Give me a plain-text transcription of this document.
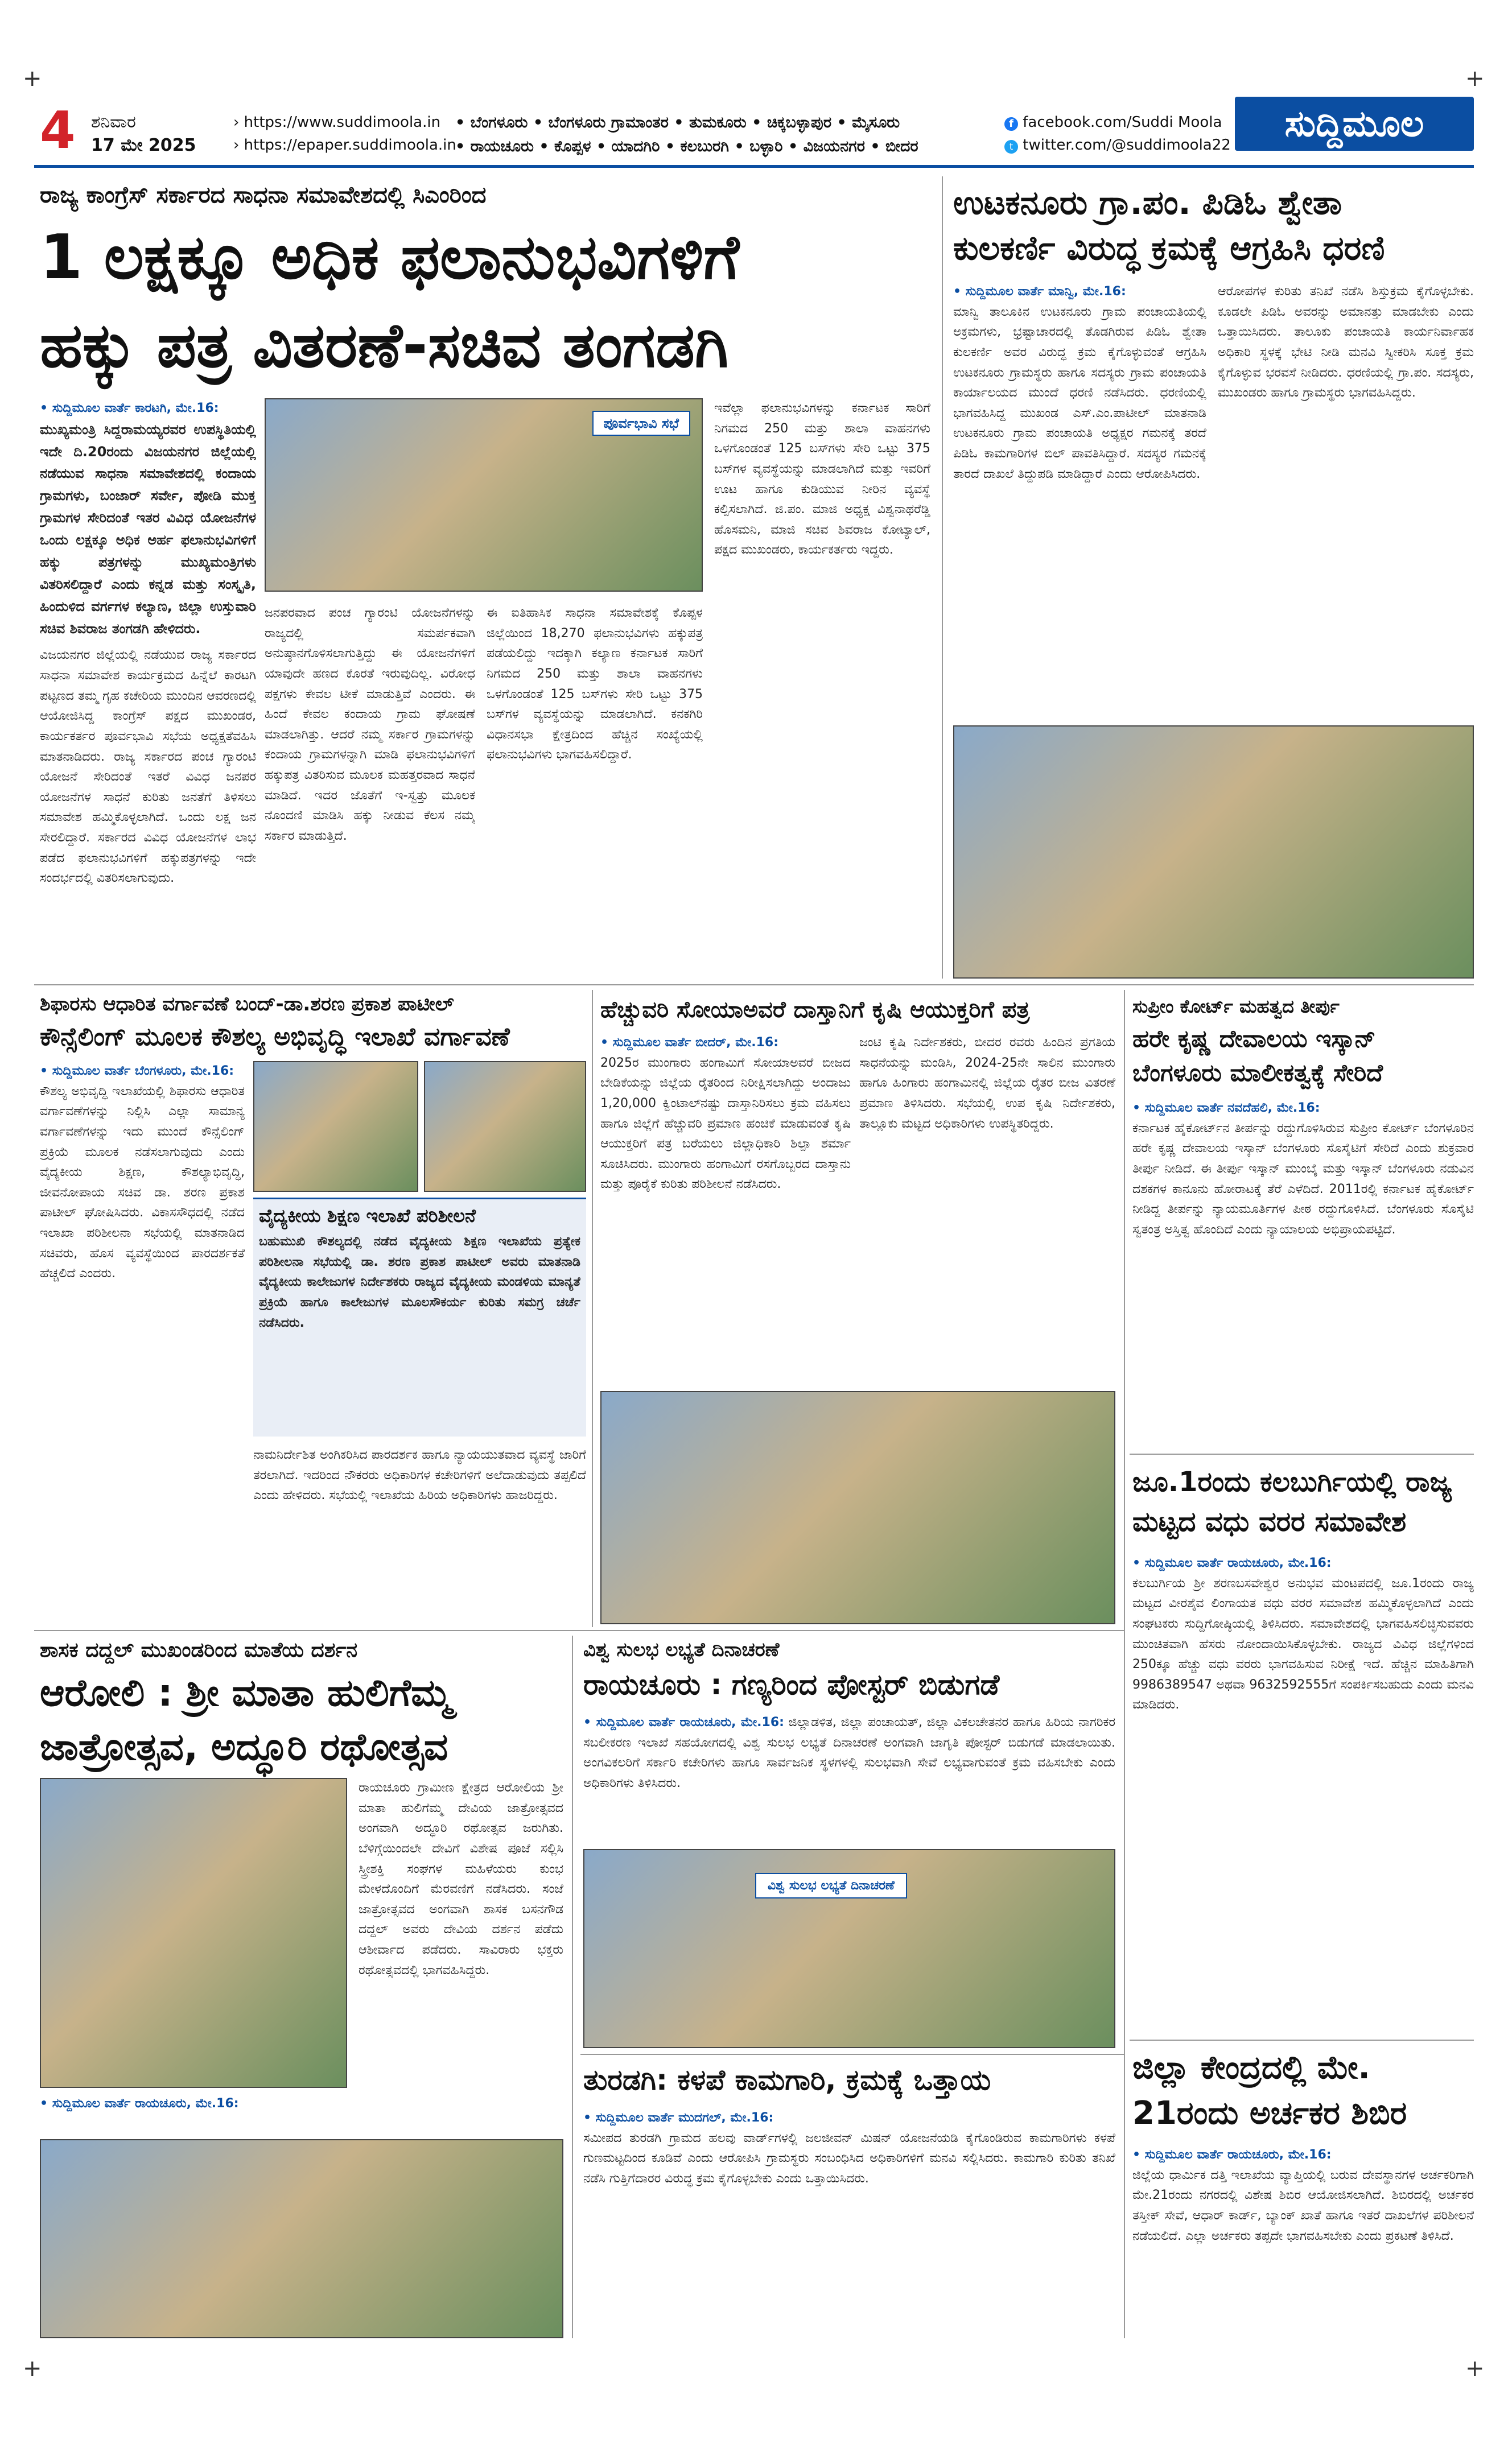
+	+
4 ಶನಿವಾರ
17 ಮೇ 2025
› https://www.suddimoola.in
› https://epaper.suddimoola.in
• ಬೆಂಗಳೂರು • ಬೆಂಗಳೂರು ಗ್ರಾಮಾಂತರ • ತುಮಕೂರು • ಚಿಕ್ಕಬಳ್ಳಾಪುರ • ಮೈಸೂರು
• ರಾಯಚೂರು • ಕೊಪ್ಪಳ • ಯಾದಗಿರಿ • ಕಲಬುರಗಿ • ಬಳ್ಳಾರಿ • ವಿಜಯನಗರ • ಬೀದರ
f facebook.com/Suddi Moola
t twitter.com/@suddimoola22
ಸುದ್ದಿಮೂಲ
ರಾಜ್ಯ ಕಾಂಗ್ರೆಸ್ ಸರ್ಕಾರದ ಸಾಧನಾ ಸಮಾವೇಶದಲ್ಲಿ ಸಿಎಂರಿಂದ
1 ಲಕ್ಷಕ್ಕೂ ಅಧಿಕ ಫಲಾನುಭವಿಗಳಿಗೆ
ಹಕ್ಕು ಪತ್ರ ವಿತರಣೆ-ಸಚಿವ ತಂಗಡಗಿ
• ಸುದ್ದಿಮೂಲ ವಾರ್ತೆ ಕಾರಟಗಿ, ಮೇ.16:
ಮುಖ್ಯಮಂತ್ರಿ ಸಿದ್ದರಾಮಯ್ಯರವರ ಉಪಸ್ಥಿತಿಯಲ್ಲಿ ಇದೇ ದಿ.20ರಂದು ವಿಜಯನಗರ ಜಿಲ್ಲೆಯಲ್ಲಿ ನಡೆಯುವ ಸಾಧನಾ ಸಮಾವೇಶದಲ್ಲಿ ಕಂದಾಯ ಗ್ರಾಮಗಳು, ಬಂಜಾರ್ ಸರ್ವೇ, ಪೋಡಿ ಮುಕ್ತ ಗ್ರಾಮಗಳ ಸೇರಿದಂತೆ ಇತರ ವಿವಿಧ ಯೋಜನೆಗಳ ಒಂದು ಲಕ್ಷಕ್ಕೂ ಅಧಿಕ ಅರ್ಹ ಫಲಾನುಭವಿಗಳಿಗೆ ಹಕ್ಕು ಪತ್ರಗಳನ್ನು ಮುಖ್ಯಮಂತ್ರಿಗಳು ವಿತರಿಸಲಿದ್ದಾರೆ ಎಂದು ಕನ್ನಡ ಮತ್ತು ಸಂಸ್ಕೃತಿ, ಹಿಂದುಳಿದ ವರ್ಗಗಳ ಕಲ್ಯಾಣ, ಜಿಲ್ಲಾ ಉಸ್ತುವಾರಿ ಸಚಿವ ಶಿವರಾಜ ತಂಗಡಗಿ ಹೇಳಿದರು.
ವಿಜಯನಗರ ಜಿಲ್ಲೆಯಲ್ಲಿ ನಡೆಯುವ ರಾಜ್ಯ ಸರ್ಕಾರದ ಸಾಧನಾ ಸಮಾವೇಶ ಕಾರ್ಯಕ್ರಮದ ಹಿನ್ನೆಲೆ ಕಾರಟಗಿ ಪಟ್ಟಣದ ತಮ್ಮ ಗೃಹ ಕಚೇರಿಯ ಮುಂದಿನ ಆವರಣದಲ್ಲಿ ಆಯೋಜಿಸಿದ್ದ ಕಾಂಗ್ರೆಸ್ ಪಕ್ಷದ ಮುಖಂಡರ, ಕಾರ್ಯಕರ್ತರ ಪೂರ್ವಭಾವಿ ಸಭೆಯ ಅಧ್ಯಕ್ಷತೆವಹಿಸಿ ಮಾತನಾಡಿದರು. ರಾಜ್ಯ ಸರ್ಕಾರದ ಪಂಚ ಗ್ಯಾರಂಟಿ ಯೋಜನೆ ಸೇರಿದಂತೆ ಇತರೆ ವಿವಿಧ ಜನಪರ ಯೋಜನೆಗಳ ಸಾಧನೆ ಕುರಿತು ಜನತೆಗೆ ತಿಳಿಸಲು ಸಮಾವೇಶ ಹಮ್ಮಿಕೊಳ್ಳಲಾಗಿದೆ. ಒಂದು ಲಕ್ಷ ಜನ ಸೇರಲಿದ್ದಾರೆ. ಸರ್ಕಾರದ ವಿವಿಧ ಯೋಜನೆಗಳ ಲಾಭ ಪಡೆದ ಫಲಾನುಭವಿಗಳಿಗೆ ಹಕ್ಕುಪತ್ರಗಳನ್ನು ಇದೇ ಸಂದರ್ಭದಲ್ಲಿ ವಿತರಿಸಲಾಗುವುದು.
ಪೂರ್ವಭಾವಿ ಸಭೆ
ಜನಪರವಾದ ಪಂಚ ಗ್ಯಾರಂಟಿ ಯೋಜನೆಗಳನ್ನು ರಾಜ್ಯದಲ್ಲಿ ಸಮರ್ಪಕವಾಗಿ ಅನುಷ್ಠಾನಗೊಳಿಸಲಾಗುತ್ತಿದ್ದು ಈ ಯೋಜನೆಗಳಿಗೆ ಯಾವುದೇ ಹಣದ ಕೊರತೆ ಇರುವುದಿಲ್ಲ. ವಿರೋಧ ಪಕ್ಷಗಳು ಕೇವಲ ಟೀಕೆ ಮಾಡುತ್ತಿವೆ ಎಂದರು. ಈ ಹಿಂದೆ ಕೇವಲ ಕಂದಾಯ ಗ್ರಾಮ ಘೋಷಣೆ ಮಾಡಲಾಗಿತ್ತು. ಆದರೆ ನಮ್ಮ ಸರ್ಕಾರ ಗ್ರಾಮಗಳನ್ನು ಕಂದಾಯ ಗ್ರಾಮಗಳನ್ನಾಗಿ ಮಾಡಿ ಫಲಾನುಭವಿಗಳಿಗೆ ಹಕ್ಕುಪತ್ರ ವಿತರಿಸುವ ಮೂಲಕ ಮಹತ್ತರವಾದ ಸಾಧನೆ ಮಾಡಿದೆ. ಇದರ ಜೊತೆಗೆ ಇ-ಸ್ವತ್ತು ಮೂಲಕ ನೊಂದಣಿ ಮಾಡಿಸಿ ಹಕ್ಕು ನೀಡುವ ಕೆಲಸ ನಮ್ಮ ಸರ್ಕಾರ ಮಾಡುತ್ತಿದೆ.
ಈ ಐತಿಹಾಸಿಕ ಸಾಧನಾ ಸಮಾವೇಶಕ್ಕೆ ಕೊಪ್ಪಳ ಜಿಲ್ಲೆಯಿಂದ 18,270 ಫಲಾನುಭವಿಗಳು ಹಕ್ಕುಪತ್ರ ಪಡೆಯಲಿದ್ದು ಇದಕ್ಕಾಗಿ ಕಲ್ಯಾಣ ಕರ್ನಾಟಕ ಸಾರಿಗೆ ನಿಗಮದ 250 ಮತ್ತು ಶಾಲಾ ವಾಹನಗಳು ಒಳಗೊಂಡಂತೆ 125 ಬಸ್‍ಗಳು ಸೇರಿ ಒಟ್ಟು 375 ಬಸ್‍ಗಳ ವ್ಯವಸ್ಥೆಯನ್ನು ಮಾಡಲಾಗಿದೆ. ಕನಕಗಿರಿ ವಿಧಾನಸಭಾ ಕ್ಷೇತ್ರದಿಂದ ಹೆಚ್ಚಿನ ಸಂಖ್ಯೆಯಲ್ಲಿ ಫಲಾನುಭವಿಗಳು ಭಾಗವಹಿಸಲಿದ್ದಾರೆ.
ಇವೆಲ್ಲಾ ಫಲಾನುಭವಿಗಳನ್ನು ಕರ್ನಾಟಕ ಸಾರಿಗೆ ನಿಗಮದ 250 ಮತ್ತು ಶಾಲಾ ವಾಹನಗಳು ಒಳಗೊಂಡಂತೆ 125 ಬಸ್‍ಗಳು ಸೇರಿ ಒಟ್ಟು 375 ಬಸ್‍ಗಳ ವ್ಯವಸ್ಥೆಯನ್ನು ಮಾಡಲಾಗಿದೆ ಮತ್ತು ಇವರಿಗೆ ಊಟ ಹಾಗೂ ಕುಡಿಯುವ ನೀರಿನ ವ್ಯವಸ್ಥೆ ಕಲ್ಪಿಸಲಾಗಿದೆ. ಜಿ.ಪಂ. ಮಾಜಿ ಅಧ್ಯಕ್ಷ ವಿಶ್ವನಾಥರೆಡ್ಡಿ ಹೊಸಮನಿ, ಮಾಜಿ ಸಚಿವ ಶಿವರಾಜ ಕೋಟ್ಯಾಲ್, ಪಕ್ಷದ ಮುಖಂಡರು, ಕಾರ್ಯಕರ್ತರು ಇದ್ದರು.
ಉಟಕನೂರು ಗ್ರಾ.ಪಂ. ಪಿಡಿಓ ಶ್ವೇತಾ
ಕುಲಕರ್ಣಿ ವಿರುದ್ಧ ಕ್ರಮಕ್ಕೆ ಆಗ್ರಹಿಸಿ ಧರಣಿ
• ಸುದ್ದಿಮೂಲ ವಾರ್ತೆ ಮಾನ್ವಿ, ಮೇ.16:
ಮಾನ್ವಿ ತಾಲೂಕಿನ ಉಟಕನೂರು ಗ್ರಾಮ ಪಂಚಾಯತಿಯಲ್ಲಿ ಅಕ್ರಮಗಳು, ಭ್ರಷ್ಟಾಚಾರದಲ್ಲಿ ತೊಡಗಿರುವ ಪಿಡಿಓ ಶ್ವೇತಾ ಕುಲಕರ್ಣಿ ಅವರ ವಿರುದ್ಧ ಕ್ರಮ ಕೈಗೊಳ್ಳುವಂತೆ ಆಗ್ರಹಿಸಿ ಉಟಕನೂರು ಗ್ರಾಮಸ್ಥರು ಹಾಗೂ ಸದಸ್ಯರು ಗ್ರಾಮ ಪಂಚಾಯತಿ ಕಾರ್ಯಾಲಯದ ಮುಂದೆ ಧರಣಿ ನಡೆಸಿದರು. ಧರಣಿಯಲ್ಲಿ ಭಾಗವಹಿಸಿದ್ದ ಮುಖಂಡ ಎಸ್.ಎಂ.ಪಾಟೀಲ್ ಮಾತನಾಡಿ ಉಟಕನೂರು ಗ್ರಾಮ ಪಂಚಾಯತಿ ಅಧ್ಯಕ್ಷರ ಗಮನಕ್ಕೆ ತರದೆ ಪಿಡಿಓ ಕಾಮಗಾರಿಗಳ ಬಿಲ್ ಪಾವತಿಸಿದ್ದಾರೆ. ಸದಸ್ಯರ ಗಮನಕ್ಕೆ ತಾರದೆ ದಾಖಲೆ ತಿದ್ದುಪಡಿ ಮಾಡಿದ್ದಾರೆ ಎಂದು ಆರೋಪಿಸಿದರು.
ಆರೋಪಗಳ ಕುರಿತು ತನಿಖೆ ನಡೆಸಿ ಶಿಸ್ತುಕ್ರಮ ಕೈಗೊಳ್ಳಬೇಕು. ಕೂಡಲೇ ಪಿಡಿಓ ಅವರನ್ನು ಅಮಾನತ್ತು ಮಾಡಬೇಕು ಎಂದು ಒತ್ತಾಯಿಸಿದರು. ತಾಲೂಕು ಪಂಚಾಯತಿ ಕಾರ್ಯನಿರ್ವಾಹಕ ಅಧಿಕಾರಿ ಸ್ಥಳಕ್ಕೆ ಭೇಟಿ ನೀಡಿ ಮನವಿ ಸ್ವೀಕರಿಸಿ ಸೂಕ್ತ ಕ್ರಮ ಕೈಗೊಳ್ಳುವ ಭರವಸೆ ನೀಡಿದರು. ಧರಣಿಯಲ್ಲಿ ಗ್ರಾ.ಪಂ. ಸದಸ್ಯರು, ಮುಖಂಡರು ಹಾಗೂ ಗ್ರಾಮಸ್ಥರು ಭಾಗವಹಿಸಿದ್ದರು.
ಶಿಫಾರಸು ಆಧಾರಿತ ವರ್ಗಾವಣೆ ಬಂದ್-ಡಾ.ಶರಣ ಪ್ರಕಾಶ ಪಾಟೀಲ್
ಕೌನ್ಸೆಲಿಂಗ್ ಮೂಲಕ ಕೌಶಲ್ಯ ಅಭಿವೃದ್ಧಿ ಇಲಾಖೆ ವರ್ಗಾವಣೆ
• ಸುದ್ದಿಮೂಲ ವಾರ್ತೆ ಬೆಂಗಳೂರು, ಮೇ.16:
ಕೌಶಲ್ಯ ಅಭಿವೃದ್ಧಿ ಇಲಾಖೆಯಲ್ಲಿ ಶಿಫಾರಸು ಆಧಾರಿತ ವರ್ಗಾವಣೆಗಳನ್ನು ನಿಲ್ಲಿಸಿ ಎಲ್ಲಾ ಸಾಮಾನ್ಯ ವರ್ಗಾವಣೆಗಳನ್ನು ಇದು ಮುಂದೆ ಕೌನ್ಸೆಲಿಂಗ್ ಪ್ರಕ್ರಿಯೆ ಮೂಲಕ ನಡೆಸಲಾಗುವುದು ಎಂದು ವೈದ್ಯಕೀಯ ಶಿಕ್ಷಣ, ಕೌಶಲ್ಯಾಭಿವೃದ್ಧಿ, ಜೀವನೋಪಾಯ ಸಚಿವ ಡಾ. ಶರಣ ಪ್ರಕಾಶ ಪಾಟೀಲ್ ಘೋಷಿಸಿದರು. ವಿಕಾಸಸೌಧದಲ್ಲಿ ನಡೆದ ಇಲಾಖಾ ಪರಿಶೀಲನಾ ಸಭೆಯಲ್ಲಿ ಮಾತನಾಡಿದ ಸಚಿವರು, ಹೊಸ ವ್ಯವಸ್ಥೆಯಿಂದ ಪಾರದರ್ಶಕತೆ ಹೆಚ್ಚಲಿದೆ ಎಂದರು.
ವೈದ್ಯಕೀಯ ಶಿಕ್ಷಣ ಇಲಾಖೆ ಪರಿಶೀಲನೆ
ಬಹುಮುಖಿ ಕೌಶಲ್ಯದಲ್ಲಿ ನಡೆದ ವೈದ್ಯಕೀಯ ಶಿಕ್ಷಣ ಇಲಾಖೆಯ ಪ್ರತ್ಯೇಕ ಪರಿಶೀಲನಾ ಸಭೆಯಲ್ಲಿ ಡಾ. ಶರಣ ಪ್ರಕಾಶ ಪಾಟೀಲ್ ಅವರು ಮಾತನಾಡಿ ವೈದ್ಯಕೀಯ ಕಾಲೇಜುಗಳ ನಿರ್ದೇಶಕರು ರಾಜ್ಯದ ವೈದ್ಯಕೀಯ ಮಂಡಳಿಯ ಮಾನ್ಯತೆ ಪ್ರಕ್ರಿಯೆ ಹಾಗೂ ಕಾಲೇಜುಗಳ ಮೂಲಸೌಕರ್ಯ ಕುರಿತು ಸಮಗ್ರ ಚರ್ಚೆ ನಡೆಸಿದರು.
ನಾಮನಿರ್ದೇಶಿತ ಅಂಗಿಕರಿಸಿದ ಪಾರದರ್ಶಕ ಹಾಗೂ ನ್ಯಾಯಯುತವಾದ ವ್ಯವಸ್ಥೆ ಜಾರಿಗೆ ತರಲಾಗಿದೆ. ಇದರಿಂದ ನೌಕರರು ಅಧಿಕಾರಿಗಳ ಕಚೇರಿಗಳಿಗೆ ಅಲೆದಾಡುವುದು ತಪ್ಪಲಿದೆ ಎಂದು ಹೇಳಿದರು. ಸಭೆಯಲ್ಲಿ ಇಲಾಖೆಯ ಹಿರಿಯ ಅಧಿಕಾರಿಗಳು ಹಾಜರಿದ್ದರು.
ಹೆಚ್ಚುವರಿ ಸೋಯಾಅವರೆ ದಾಸ್ತಾನಿಗೆ ಕೃಷಿ ಆಯುಕ್ತರಿಗೆ ಪತ್ರ
• ಸುದ್ದಿಮೂಲ ವಾರ್ತೆ ಬೀದರ್, ಮೇ.16:
2025ರ ಮುಂಗಾರು ಹಂಗಾಮಿಗೆ ಸೋಯಾಅವರೆ ಬೀಜದ ಬೇಡಿಕೆಯನ್ನು ಜಿಲ್ಲೆಯ ರೈತರಿಂದ ನಿರೀಕ್ಷಿಸಲಾಗಿದ್ದು ಅಂದಾಜು 1,20,000 ಕ್ವಿಂಟಾಲ್‍ನಷ್ಟು ದಾಸ್ತಾನಿರಿಸಲು ಕ್ರಮ ವಹಿಸಲು ಹಾಗೂ ಜಿಲ್ಲೆಗೆ ಹೆಚ್ಚುವರಿ ಪ್ರಮಾಣ ಹಂಚಿಕೆ ಮಾಡುವಂತೆ ಕೃಷಿ ಆಯುಕ್ತರಿಗೆ ಪತ್ರ ಬರೆಯಲು ಜಿಲ್ಲಾಧಿಕಾರಿ ಶಿಲ್ಪಾ ಶರ್ಮಾ ಸೂಚಿಸಿದರು. ಮುಂಗಾರು ಹಂಗಾಮಿಗೆ ರಸಗೊಬ್ಬರದ ದಾಸ್ತಾನು ಮತ್ತು ಪೂರೈಕೆ ಕುರಿತು ಪರಿಶೀಲನೆ ನಡೆಸಿದರು.
ಜಂಟಿ ಕೃಷಿ ನಿರ್ದೇಶಕರು, ಬೀದರ ರವರು ಹಿಂದಿನ ಪ್ರಗತಿಯ ಸಾಧನೆಯನ್ನು ಮಂಡಿಸಿ, 2024-25ನೇ ಸಾಲಿನ ಮುಂಗಾರು ಹಾಗೂ ಹಿಂಗಾರು ಹಂಗಾಮಿನಲ್ಲಿ ಜಿಲ್ಲೆಯ ರೈತರ ಬೀಜ ವಿತರಣೆ ಪ್ರಮಾಣ ತಿಳಿಸಿದರು. ಸಭೆಯಲ್ಲಿ ಉಪ ಕೃಷಿ ನಿರ್ದೇಶಕರು, ತಾಲ್ಲೂಕು ಮಟ್ಟದ ಅಧಿಕಾರಿಗಳು ಉಪಸ್ಥಿತರಿದ್ದರು.
ಸುಪ್ರೀಂ ಕೋರ್ಟ್ ಮಹತ್ವದ ತೀರ್ಪು
ಹರೇ ಕೃಷ್ಣ ದೇವಾಲಯ ಇಸ್ಕಾನ್
ಬೆಂಗಳೂರು ಮಾಲೀಕತ್ವಕ್ಕೆ ಸೇರಿದೆ
• ಸುದ್ದಿಮೂಲ ವಾರ್ತೆ ನವದೆಹಲಿ, ಮೇ.16:
ಕರ್ನಾಟಕ ಹೈಕೋರ್ಟ್‍ನ ತೀರ್ಪನ್ನು ರದ್ದುಗೊಳಿಸಿರುವ ಸುಪ್ರೀಂ ಕೋರ್ಟ್ ಬೆಂಗಳೂರಿನ ಹರೇ ಕೃಷ್ಣ ದೇವಾಲಯ ಇಸ್ಕಾನ್ ಬೆಂಗಳೂರು ಸೊಸೈಟಿಗೆ ಸೇರಿದೆ ಎಂದು ಶುಕ್ರವಾರ ತೀರ್ಪು ನೀಡಿದೆ. ಈ ತೀರ್ಪು ಇಸ್ಕಾನ್ ಮುಂಬೈ ಮತ್ತು ಇಸ್ಕಾನ್ ಬೆಂಗಳೂರು ನಡುವಿನ ದಶಕಗಳ ಕಾನೂನು ಹೋರಾಟಕ್ಕೆ ತೆರೆ ಎಳೆದಿದೆ. 2011ರಲ್ಲಿ ಕರ್ನಾಟಕ ಹೈಕೋರ್ಟ್ ನೀಡಿದ್ದ ತೀರ್ಪನ್ನು ನ್ಯಾಯಮೂರ್ತಿಗಳ ಪೀಠ ರದ್ದುಗೊಳಿಸಿದೆ. ಬೆಂಗಳೂರು ಸೊಸೈಟಿ ಸ್ವತಂತ್ರ ಅಸ್ತಿತ್ವ ಹೊಂದಿದೆ ಎಂದು ನ್ಯಾಯಾಲಯ ಅಭಿಪ್ರಾಯಪಟ್ಟಿದೆ.
ಜೂ.1ರಂದು ಕಲಬುರ್ಗಿಯಲ್ಲಿ ರಾಜ್ಯ
ಮಟ್ಟದ ವಧು ವರರ ಸಮಾವೇಶ
• ಸುದ್ದಿಮೂಲ ವಾರ್ತೆ ರಾಯಚೂರು, ಮೇ.16:
ಕಲಬುರ್ಗಿಯ ಶ್ರೀ ಶರಣಬಸವೇಶ್ವರ ಅನುಭವ ಮಂಟಪದಲ್ಲಿ ಜೂ.1ರಂದು ರಾಜ್ಯ ಮಟ್ಟದ ವೀರಶೈವ ಲಿಂಗಾಯತ ವಧು ವರರ ಸಮಾವೇಶ ಹಮ್ಮಿಕೊಳ್ಳಲಾಗಿದೆ ಎಂದು ಸಂಘಟಕರು ಸುದ್ದಿಗೋಷ್ಠಿಯಲ್ಲಿ ತಿಳಿಸಿದರು. ಸಮಾವೇಶದಲ್ಲಿ ಭಾಗವಹಿಸಲಿಚ್ಛಿಸುವವರು ಮುಂಚಿತವಾಗಿ ಹೆಸರು ನೋಂದಾಯಿಸಿಕೊಳ್ಳಬೇಕು. ರಾಜ್ಯದ ವಿವಿಧ ಜಿಲ್ಲೆಗಳಿಂದ 250ಕ್ಕೂ ಹೆಚ್ಚು ವಧು ವರರು ಭಾಗವಹಿಸುವ ನಿರೀಕ್ಷೆ ಇದೆ. ಹೆಚ್ಚಿನ ಮಾಹಿತಿಗಾಗಿ 9986389547 ಅಥವಾ 9632592555ಗೆ ಸಂಪರ್ಕಿಸಬಹುದು ಎಂದು ಮನವಿ ಮಾಡಿದರು.
ಶಾಸಕ ದದ್ದಲ್ ಮುಖಂಡರಿಂದ ಮಾತೆಯ ದರ್ಶನ
ಆರೋಲಿ : ಶ್ರೀ ಮಾತಾ ಹುಲಿಗೆಮ್ಮ
ಜಾತ್ರೋತ್ಸವ, ಅದ್ಧೂರಿ ರಥೋತ್ಸವ
ರಾಯಚೂರು ಗ್ರಾಮೀಣ ಕ್ಷೇತ್ರದ ಆರೋಲಿಯ ಶ್ರೀ ಮಾತಾ ಹುಲಿಗೆಮ್ಮ ದೇವಿಯ ಜಾತ್ರೋತ್ಸವದ ಅಂಗವಾಗಿ ಅದ್ಧೂರಿ ರಥೋತ್ಸವ ಜರುಗಿತು. ಬೆಳಿಗ್ಗೆಯಿಂದಲೇ ದೇವಿಗೆ ವಿಶೇಷ ಪೂಜೆ ಸಲ್ಲಿಸಿ ಸ್ತ್ರೀಶಕ್ತಿ ಸಂಘಗಳ ಮಹಿಳೆಯರು ಕುಂಭ ಮೇಳದೊಂದಿಗೆ ಮೆರವಣಿಗೆ ನಡೆಸಿದರು. ಸಂಜೆ ಜಾತ್ರೋತ್ಸವದ ಅಂಗವಾಗಿ ಶಾಸಕ ಬಸನಗೌಡ ದದ್ದಲ್ ಅವರು ದೇವಿಯ ದರ್ಶನ ಪಡೆದು ಆಶೀರ್ವಾದ ಪಡೆದರು. ಸಾವಿರಾರು ಭಕ್ತರು ರಥೋತ್ಸವದಲ್ಲಿ ಭಾಗವಹಿಸಿದ್ದರು.
• ಸುದ್ದಿಮೂಲ ವಾರ್ತೆ ರಾಯಚೂರು, ಮೇ.16:
ವಿಶ್ವ ಸುಲಭ ಲಭ್ಯತೆ ದಿನಾಚರಣೆ
ರಾಯಚೂರು : ಗಣ್ಯರಿಂದ ಪೋಸ್ಟರ್ ಬಿಡುಗಡೆ
• ಸುದ್ದಿಮೂಲ ವಾರ್ತೆ ರಾಯಚೂರು, ಮೇ.16: ಜಿಲ್ಲಾಡಳಿತ, ಜಿಲ್ಲಾ ಪಂಚಾಯತ್, ಜಿಲ್ಲಾ ವಿಕಲಚೇತನರ ಹಾಗೂ ಹಿರಿಯ ನಾಗರಿಕರ ಸಬಲೀಕರಣ ಇಲಾಖೆ ಸಹಯೋಗದಲ್ಲಿ ವಿಶ್ವ ಸುಲಭ ಲಭ್ಯತೆ ದಿನಾಚರಣೆ ಅಂಗವಾಗಿ ಜಾಗೃತಿ ಪೋಸ್ಟರ್ ಬಿಡುಗಡೆ ಮಾಡಲಾಯಿತು. ಅಂಗವಿಕಲರಿಗೆ ಸರ್ಕಾರಿ ಕಚೇರಿಗಳು ಹಾಗೂ ಸಾರ್ವಜನಿಕ ಸ್ಥಳಗಳಲ್ಲಿ ಸುಲಭವಾಗಿ ಸೇವೆ ಲಭ್ಯವಾಗುವಂತೆ ಕ್ರಮ ವಹಿಸಬೇಕು ಎಂದು ಅಧಿಕಾರಿಗಳು ತಿಳಿಸಿದರು.
ವಿಶ್ವ ಸುಲಭ ಲಭ್ಯತೆ ದಿನಾಚರಣೆ
ತುರಡಗಿ: ಕಳಪೆ ಕಾಮಗಾರಿ, ಕ್ರಮಕ್ಕೆ ಒತ್ತಾಯ
• ಸುದ್ದಿಮೂಲ ವಾರ್ತೆ ಮುದಗಲ್, ಮೇ.16:
ಸಮೀಪದ ತುರಡಗಿ ಗ್ರಾಮದ ಹಲವು ವಾರ್ಡ್‍ಗಳಲ್ಲಿ ಜಲಜೀವನ್ ಮಿಷನ್ ಯೋಜನೆಯಡಿ ಕೈಗೊಂಡಿರುವ ಕಾಮಗಾರಿಗಳು ಕಳಪೆ ಗುಣಮಟ್ಟದಿಂದ ಕೂಡಿವೆ ಎಂದು ಆರೋಪಿಸಿ ಗ್ರಾಮಸ್ಥರು ಸಂಬಂಧಿಸಿದ ಅಧಿಕಾರಿಗಳಿಗೆ ಮನವಿ ಸಲ್ಲಿಸಿದರು. ಕಾಮಗಾರಿ ಕುರಿತು ತನಿಖೆ ನಡೆಸಿ ಗುತ್ತಿಗೆದಾರರ ವಿರುದ್ಧ ಕ್ರಮ ಕೈಗೊಳ್ಳಬೇಕು ಎಂದು ಒತ್ತಾಯಿಸಿದರು.
ಜಿಲ್ಲಾ ಕೇಂದ್ರದಲ್ಲಿ ಮೇ.
21ರಂದು ಅರ್ಚಕರ ಶಿಬಿರ
• ಸುದ್ದಿಮೂಲ ವಾರ್ತೆ ರಾಯಚೂರು, ಮೇ.16:
ಜಿಲ್ಲೆಯ ಧಾರ್ಮಿಕ ದತ್ತಿ ಇಲಾಖೆಯ ವ್ಯಾಪ್ತಿಯಲ್ಲಿ ಬರುವ ದೇವಸ್ಥಾನಗಳ ಅರ್ಚಕರಿಗಾಗಿ ಮೇ.21ರಂದು ನಗರದಲ್ಲಿ ವಿಶೇಷ ಶಿಬಿರ ಆಯೋಜಿಸಲಾಗಿದೆ. ಶಿಬಿರದಲ್ಲಿ ಅರ್ಚಕರ ತಸ್ತೀಕ್ ಸೇವೆ, ಆಧಾರ್ ಕಾರ್ಡ್, ಬ್ಯಾಂಕ್ ಖಾತೆ ಹಾಗೂ ಇತರೆ ದಾಖಲೆಗಳ ಪರಿಶೀಲನೆ ನಡೆಯಲಿದೆ. ಎಲ್ಲಾ ಅರ್ಚಕರು ತಪ್ಪದೇ ಭಾಗವಹಿಸಬೇಕು ಎಂದು ಪ್ರಕಟಣೆ ತಿಳಿಸಿದೆ.
+	+
